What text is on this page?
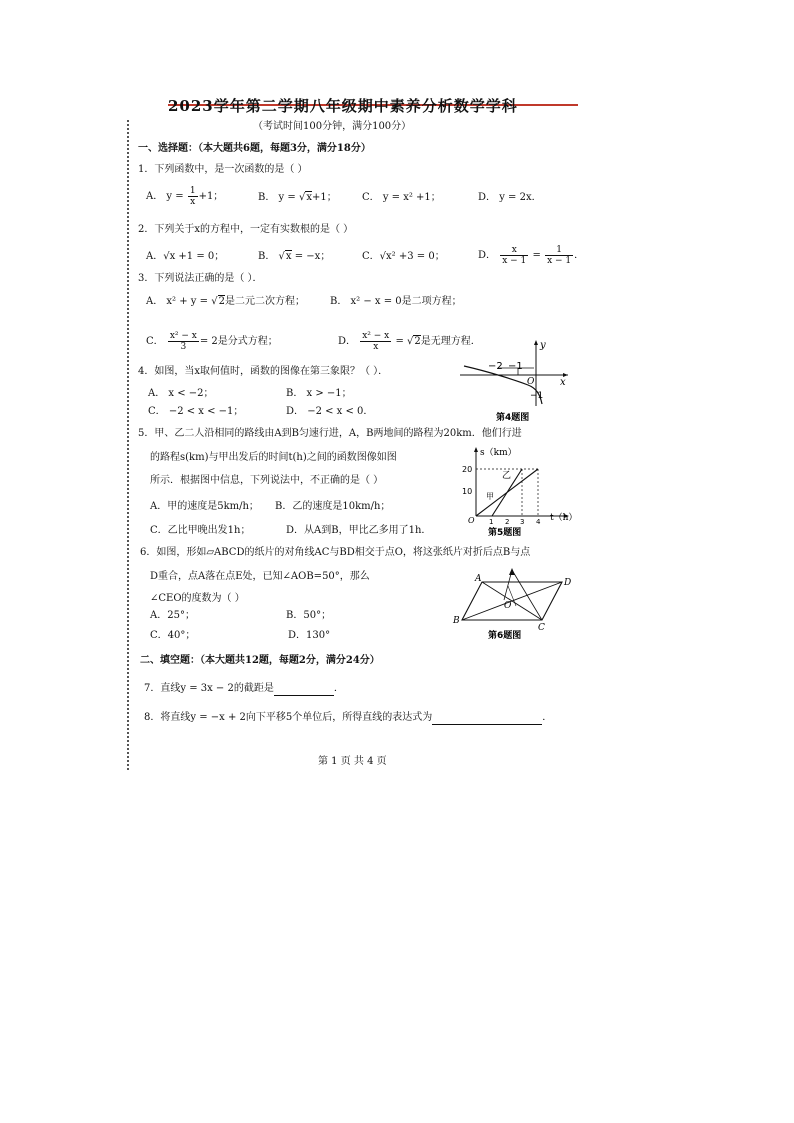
2023学年第二学期八年级期中素养分析数学学科
（考试时间100分钟，满分100分）
一、选择题：（本大题共6题，每题3分，满分18分）
1．下列函数中，是一次函数的是（ ）
A． $y = \frac{1}{x} +1$；	B． y = √x+1；	C． y = x² +1；	D． y = 2x．
2．下列关于x的方程中，一定有实数根的是（ ）
A．√x +1 = 0；	B． √x = −x；	C．√x² +3 = 0；	D． $\frac{x}{x - 1} = \frac{1}{x - 1}$ ．
3．下列说法正确的是（ ）．
A． x² + y = √2是二元二次方程；	B． x² − x = 0是二项方程；
C． $\frac{\text{x² − x}}{3} = 2$是分式方程；	D． $\frac{\text{x² − x}}{x} = √2$是无理方程．
4．如图，当x取何值时，函数的图像在第三象限？（ ）．
A． x < −2；	B． x > −1；
C． −2 < x < −1；	D． −2 < x < 0．
−2 −1
O
−1
x
y
第4题图
5．甲、乙二人沿相同的路线由A到B匀速行进，A，B两地间的路程为20km．他们行进
的路程s(km)与甲出发后的时间t(h)之间的函数图像如图
所示．根据图中信息，下列说法中，不正确的是（ ）
A．甲的速度是5km/h； B．乙的速度是10km/h；
C．乙比甲晚出发1h；	D．从A到B，甲比乙多用了1h．
s（km）
20
10
O 1 2 3 4 t（h）
甲
乙
第5题图
6．如图，形如▱ABCD的纸片的对角线AC与BD相交于点O，将这张纸片对折后点B与点
D重合，点A落在点E处，已知∠AOB=50°，那么
∠CEO的度数为（ ）
A．25°；	B．50°；
C．40°；	D．130°
A	D
B
C
O
第6题图
二、填空题：（本大题共12题，每题2分，满分24分）
7．直线y = 3x − 2的截距是	．
8．将直线y = −x + 2向下平移5个单位后，所得直线的表达式为	．
第 1 页 共 4 页
